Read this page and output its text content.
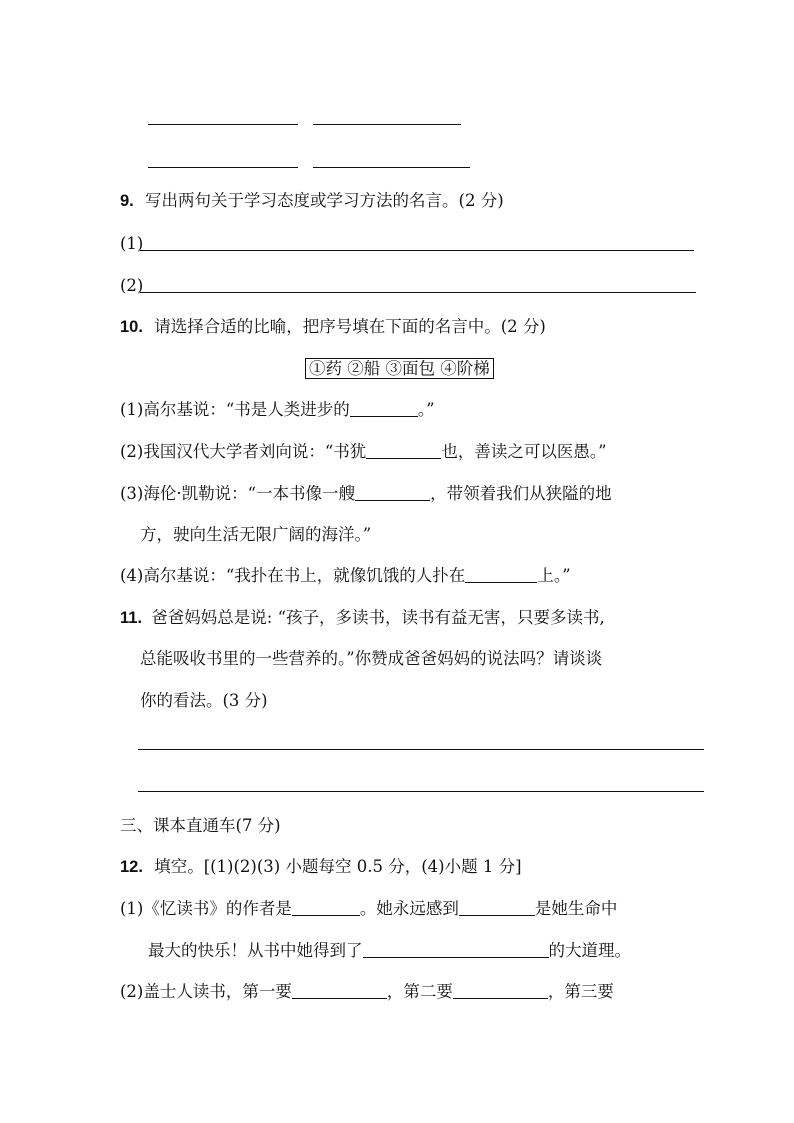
9. 写出两句关于学习态度或学习方法的名言。(2 分)
(1)
(2)
10. 请选择合适的比喻，把序号填在下面的名言中。(2 分)
①药 ②船 ③面包 ④阶梯
(1)高尔基说：“书是人类进步的	。”
(2)我国汉代大学者刘向说：“书犹	也，善读之可以医愚。”
(3)海伦·凯勒说：“一本书像一艘	，带领着我们从狭隘的地
方，驶向生活无限广阔的海洋。”
(4)高尔基说：“我扑在书上，就像饥饿的人扑在	上。”
11. 爸爸妈妈总是说: “孩子，多读书，读书有益无害，只要多读书,
总能吸收书里的一些营养的。”你赞成爸爸妈妈的说法吗？请谈谈
你的看法。(3 分)
三、课本直通车(7 分)
12. 填空。[(1)(2)(3) 小题每空 0.5 分，(4)小题 1 分]
(1)《忆读书》的作者是	。她永远感到	是她生命中
最大的快乐！从书中她得到了	的大道理。
(2)盖士人读书，第一要	，第二要	，第三要
